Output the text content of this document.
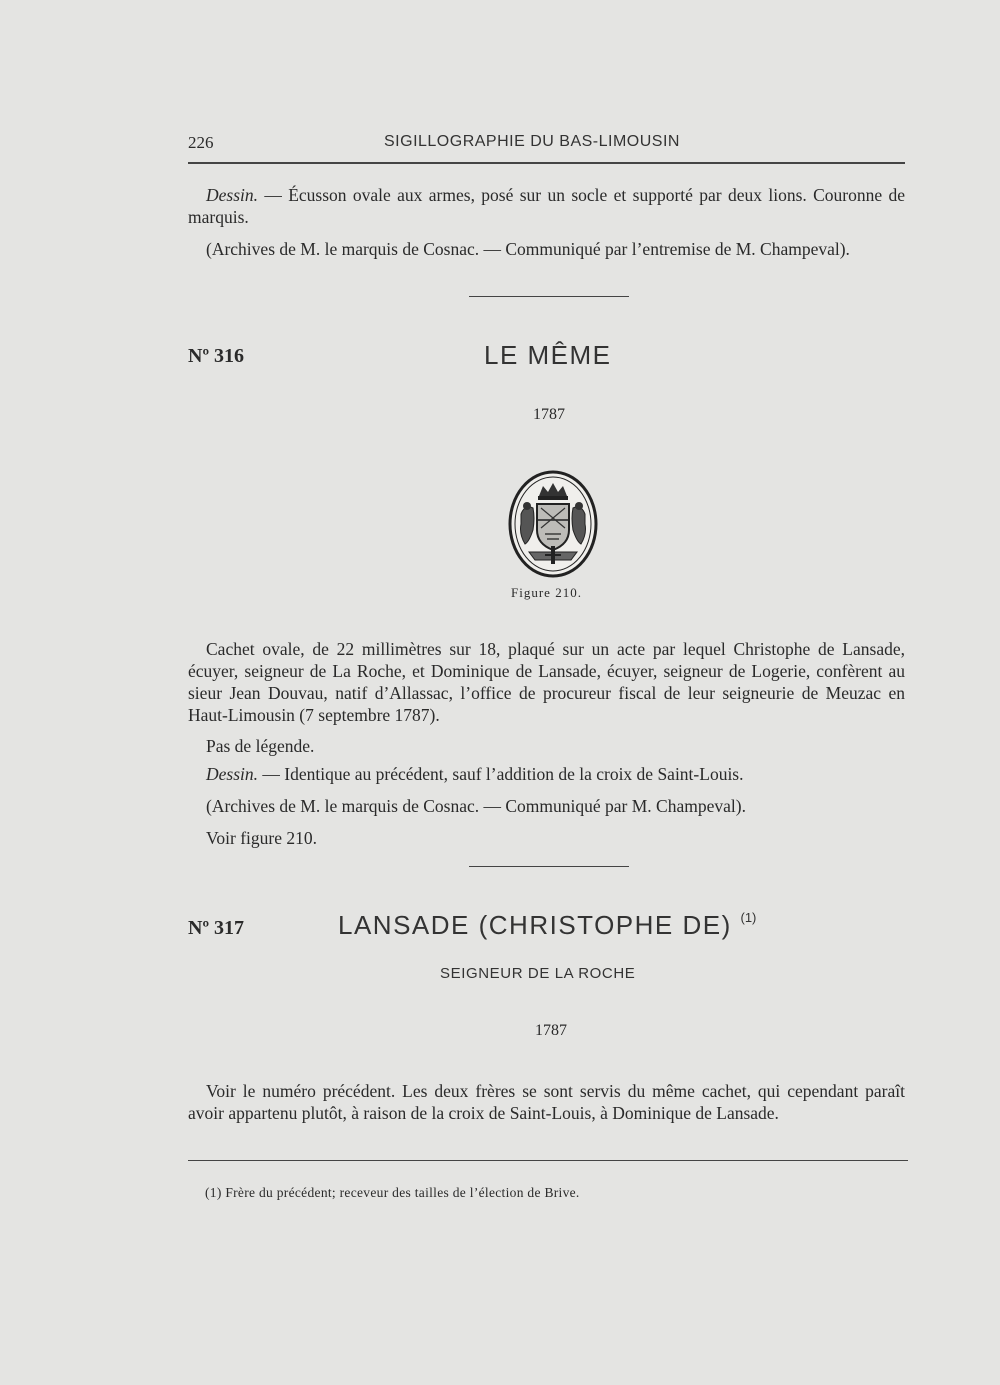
226	SIGILLOGRAPHIE DU BAS-LIMOUSIN
Dessin. — Écusson ovale aux armes, posé sur un socle et supporté par deux lions. Couronne de marquis.
(Archives de M. le marquis de Cosnac. — Communiqué par l’entremise de M. Champeval).
Nº 316	LE MÊME
1787
Figure 210.
Cachet ovale, de 22 millimètres sur 18, plaqué sur un acte par lequel Christophe de Lansade, écuyer, seigneur de La Roche, et Dominique de Lansade, écuyer, seigneur de Logerie, confèrent au sieur Jean Douvau, natif d’Allassac, l’office de procureur fiscal de leur seigneurie de Meuzac en Haut-Limousin (7 septembre 1787).
Pas de légende.
Dessin. — Identique au précédent, sauf l’addition de la croix de Saint-Louis.
(Archives de M. le marquis de Cosnac. — Communiqué par M. Champeval).
Voir figure 210.
Nº 317	LANSADE (CHRISTOPHE DE) $^{(1)}$
SEIGNEUR DE LA ROCHE
1787
Voir le numéro précédent. Les deux frères se sont servis du même cachet, qui cependant paraît avoir appartenu plutôt, à raison de la croix de Saint-Louis, à Dominique de Lansade.
(1) Frère du précédent; receveur des tailles de l’élection de Brive.
